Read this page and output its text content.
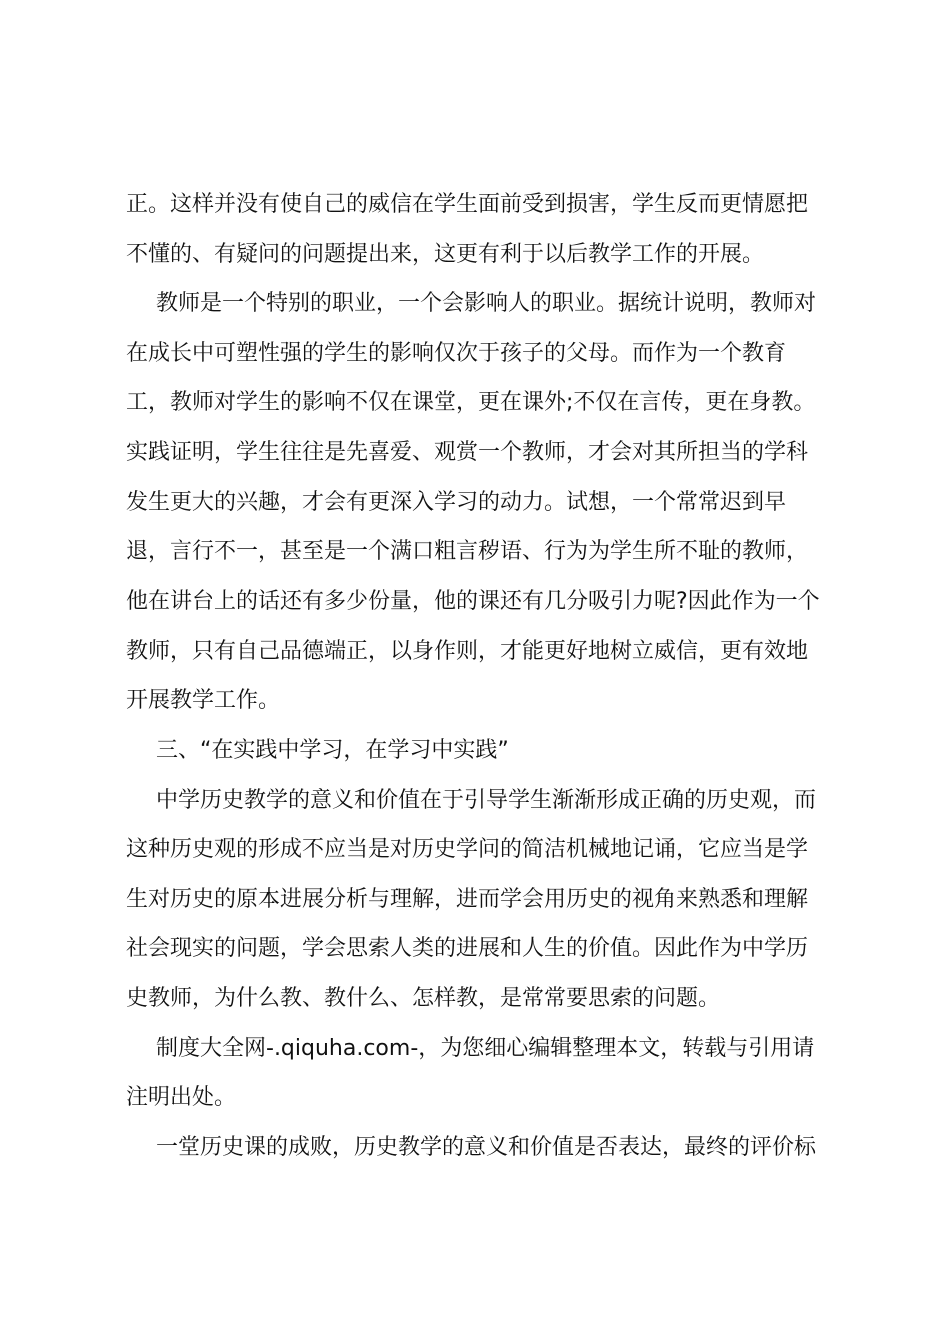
正。这样并没有使自己的威信在学生面前受到损害，学生反而更情愿把
不懂的、有疑问的问题提出来，这更有利于以后教学工作的开展。
教师是一个特别的职业，一个会影响人的职业。据统计说明，教师对
在成长中可塑性强的学生的影响仅次于孩子的父母。而作为一个教育
工，教师对学生的影响不仅在课堂，更在课外;不仅在言传，更在身教。
实践证明，学生往往是先喜爱、观赏一个教师，才会对其所担当的学科
发生更大的兴趣，才会有更深入学习的动力。试想，一个常常迟到早
退，言行不一，甚至是一个满口粗言秽语、行为为学生所不耻的教师，
他在讲台上的话还有多少份量，他的课还有几分吸引力呢?因此作为一个
教师，只有自己品德端正，以身作则，才能更好地树立威信，更有效地
开展教学工作。
三、“在实践中学习，在学习中实践”
中学历史教学的意义和价值在于引导学生渐渐形成正确的历史观，而
这种历史观的形成不应当是对历史学问的简洁机械地记诵，它应当是学
生对历史的原本进展分析与理解，进而学会用历史的视角来熟悉和理解
社会现实的问题，学会思索人类的进展和人生的价值。因此作为中学历
史教师，为什么教、教什么、怎样教，是常常要思索的问题。
制度大全网-.qiquha.com-，为您细心编辑整理本文，转载与引用请
注明出处。
一堂历史课的成败，历史教学的意义和价值是否表达，最终的评价标
